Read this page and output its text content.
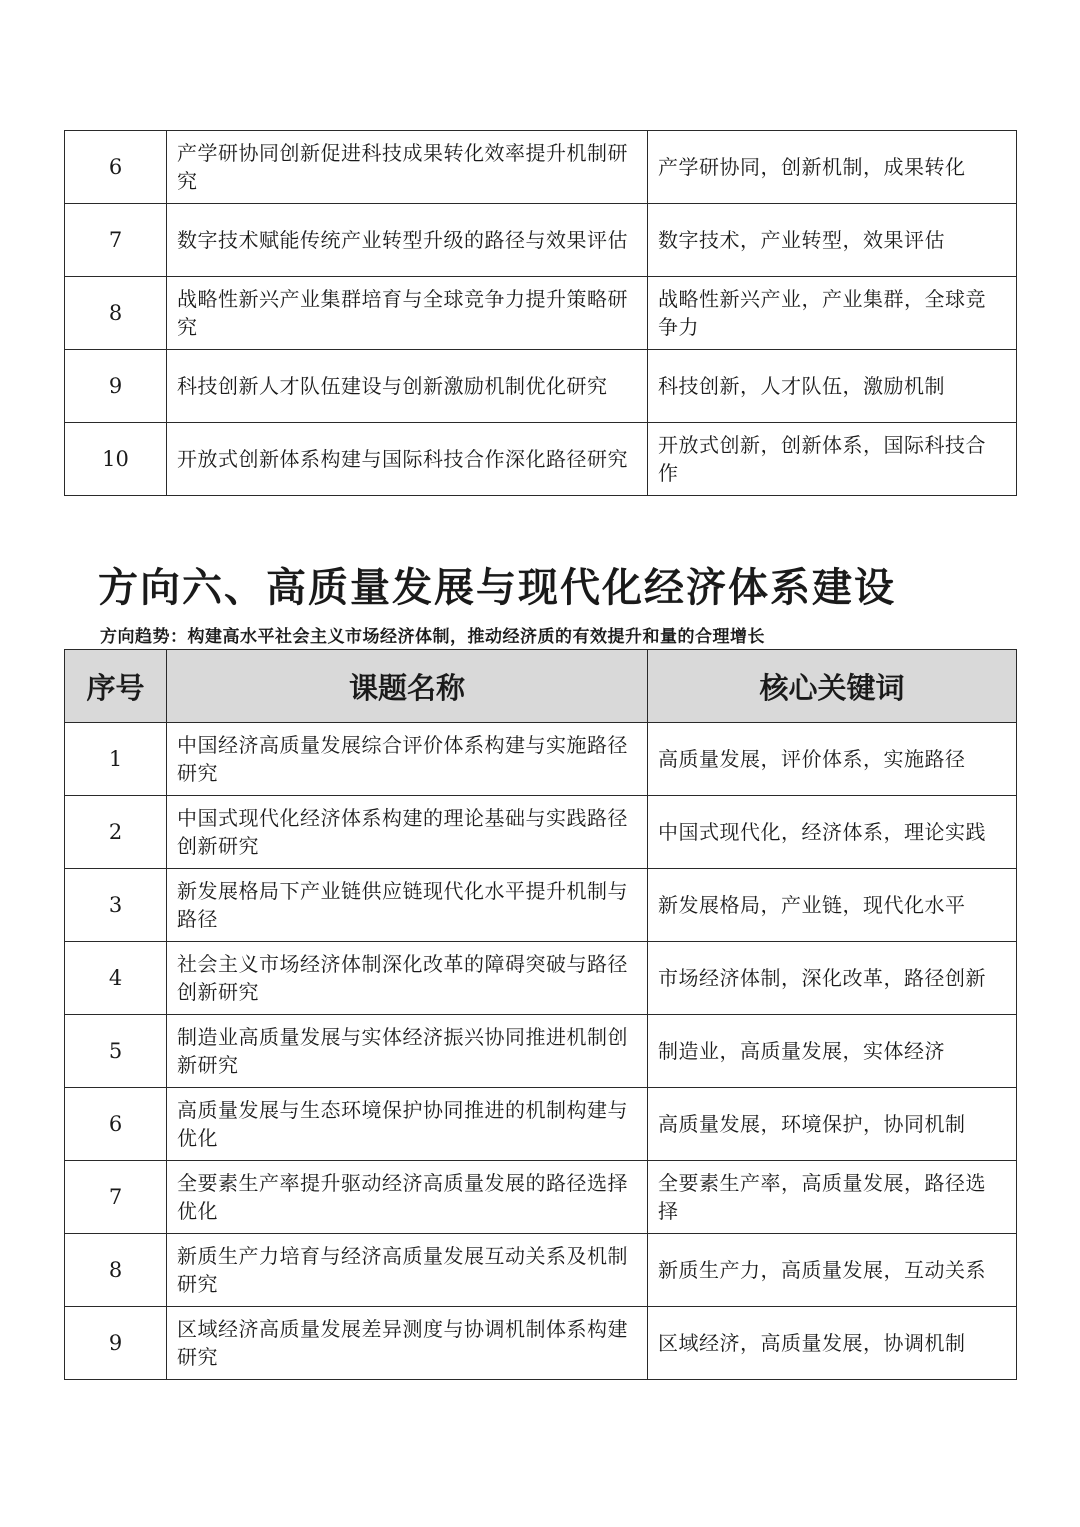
6	产学研协同创新促进科技成果转化效率提升机制研究	产学研协同，创新机制，成果转化
7	数字技术赋能传统产业转型升级的路径与效果评估	数字技术，产业转型，效果评估
8	战略性新兴产业集群培育与全球竞争力提升策略研究	战略性新兴产业，产业集群，全球竞争力
9	科技创新人才队伍建设与创新激励机制优化研究	科技创新，人才队伍，激励机制
10	开放式创新体系构建与国际科技合作深化路径研究	开放式创新，创新体系，国际科技合作
方向六、高质量发展与现代化经济体系建设

方向趋势：构建高水平社会主义市场经济体制，推动经济质的有效提升和量的合理增长

序号	课题名称	核心关键词
1	中国经济高质量发展综合评价体系构建与实施路径研究	高质量发展，评价体系，实施路径
2	中国式现代化经济体系构建的理论基础与实践路径创新研究	中国式现代化，经济体系，理论实践
3	新发展格局下产业链供应链现代化水平提升机制与路径	新发展格局，产业链，现代化水平
4	社会主义市场经济体制深化改革的障碍突破与路径创新研究	市场经济体制，深化改革，路径创新
5	制造业高质量发展与实体经济振兴协同推进机制创新研究	制造业，高质量发展，实体经济
6	高质量发展与生态环境保护协同推进的机制构建与优化	高质量发展，环境保护，协同机制
7	全要素生产率提升驱动经济高质量发展的路径选择优化	全要素生产率，高质量发展，路径选择
8	新质生产力培育与经济高质量发展互动关系及机制研究	新质生产力，高质量发展，互动关系
9	区域经济高质量发展差异测度与协调机制体系构建研究	区域经济，高质量发展，协调机制
